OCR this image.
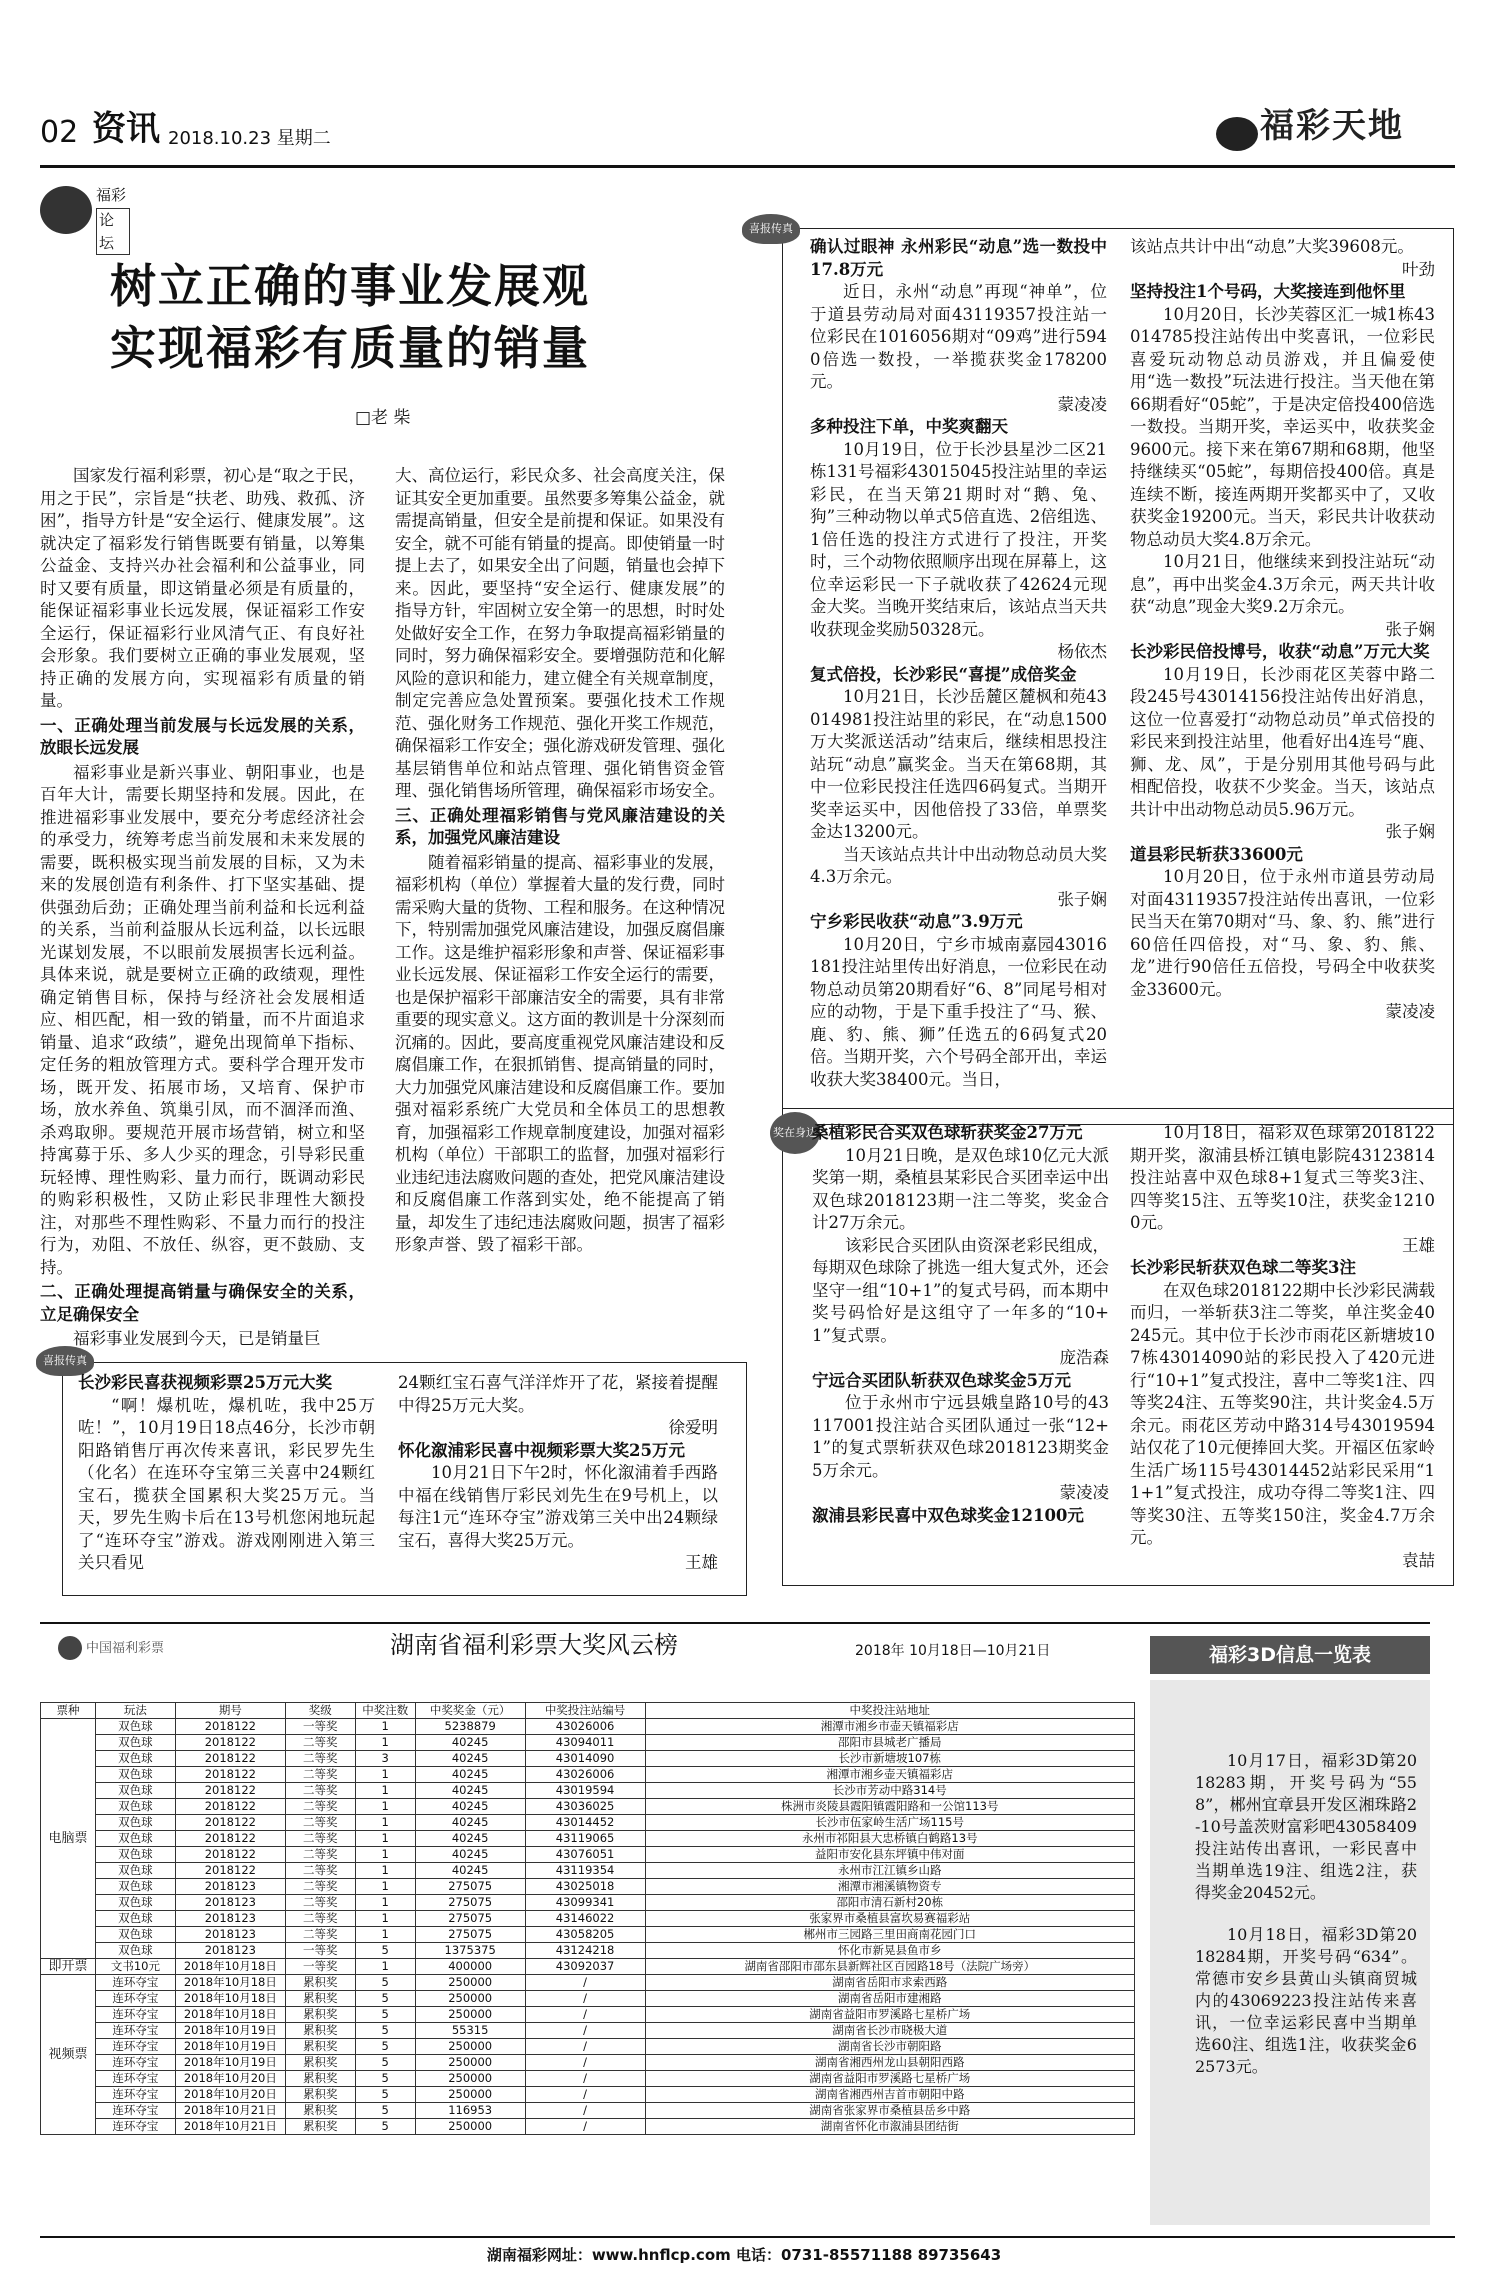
02 资讯 2018.10.23 星期二	福彩天地
福彩
论坛
树立正确的事业发展观
实现福彩有质量的销量
□老 柴

国家发行福利彩票，初心是“取之于民，用之于民”，宗旨是“扶老、助残、救孤、济困”，指导方针是“安全运行、健康发展”。这就决定了福彩发行销售既要有销量，以筹集公益金、支持兴办社会福利和公益事业，同时又要有质量，即这销量必须是有质量的，能保证福彩事业长远发展，保证福彩工作安全运行，保证福彩行业风清气正、有良好社会形象。我们要树立正确的事业发展观，坚持正确的发展方向，实现福彩有质量的销量。

一、正确处理当前发展与长远发展的关系，放眼长远发展

福彩事业是新兴事业、朝阳事业，也是百年大计，需要长期坚持和发展。因此，在推进福彩事业发展中，要充分考虑经济社会的承受力，统筹考虑当前发展和未来发展的需要，既积极实现当前发展的目标，又为未来的发展创造有利条件、打下坚实基础、提供强劲后劲；正确处理当前利益和长远利益的关系，当前利益服从长远利益，以长远眼光谋划发展，不以眼前发展损害长远利益。具体来说，就是要树立正确的政绩观，理性确定销售目标，保持与经济社会发展相适应、相匹配，相一致的销量，而不片面追求销量、追求“政绩”，避免出现简单下指标、定任务的粗放管理方式。要科学合理开发市场，既开发、拓展市场，又培育、保护市场，放水养鱼、筑巢引凤，而不涸泽而渔、杀鸡取卵。要规范开展市场营销，树立和坚持寓募于乐、多人少买的理念，引导彩民重玩轻博、理性购彩、量力而行，既调动彩民的购彩积极性，又防止彩民非理性大额投注，对那些不理性购彩、不量力而行的投注行为，劝阻、不放任、纵容，更不鼓励、支持。

二、正确处理提高销量与确保安全的关系，立足确保安全

福彩事业发展到今天，已是销量巨

大、高位运行，彩民众多、社会高度关注，保证其安全更加重要。虽然要多筹集公益金，就需提高销量，但安全是前提和保证。如果没有安全，就不可能有销量的提高。即使销量一时提上去了，如果安全出了问题，销量也会掉下来。因此，要坚持“安全运行、健康发展”的指导方针，牢固树立安全第一的思想，时时处处做好安全工作，在努力争取提高福彩销量的同时，努力确保福彩安全。要增强防范和化解风险的意识和能力，建立健全有关规章制度，制定完善应急处置预案。要强化技术工作规范、强化财务工作规范、强化开奖工作规范，确保福彩工作安全；强化游戏研发管理、强化基层销售单位和站点管理、强化销售资金管理、强化销售场所管理，确保福彩市场安全。
三、正确处理福彩销售与党风廉洁建设的关系，加强党风廉洁建设

随着福彩销量的提高、福彩事业的发展，福彩机构（单位）掌握着大量的发行费，同时需采购大量的货物、工程和服务。在这种情况下，特别需加强党风廉洁建设，加强反腐倡廉工作。这是维护福彩形象和声誉、保证福彩事业长远发展、保证福彩工作安全运行的需要，也是保护福彩干部廉洁安全的需要，具有非常重要的现实意义。这方面的教训是十分深刻而沉痛的。因此，要高度重视党风廉洁建设和反腐倡廉工作，在狠抓销售、提高销量的同时，大力加强党风廉洁建设和反腐倡廉工作。要加强对福彩系统广大党员和全体员工的思想教育，加强福彩工作规章制度建设，加强对福彩机构（单位）干部职工的监督，加强对福彩行业违纪违法腐败问题的查处，把党风廉洁建设和反腐倡廉工作落到实处，绝不能提高了销量，却发生了违纪违法腐败问题，损害了福彩形象声誉、毁了福彩干部。

喜报传真
确认过眼神 永州彩民“动息”选一数投中17.8万元

近日，永州“动息”再现“神单”，位于道县劳动局对面43119357投注站一位彩民在1016056期对“09鸡”进行5940倍选一数投，一举揽获奖金178200元。

蒙凌凌
多种投注下单，中奖爽翻天

10月19日，位于长沙县星沙二区21栋131号福彩43015045投注站里的幸运彩民，在当天第21期时对“鹅、兔、狗”三种动物以单式5倍直选、2倍组选、1倍任选的投注方式进行了投注，开奖时，三个动物依照顺序出现在屏幕上，这位幸运彩民一下子就收获了42624元现金大奖。当晚开奖结束后，该站点当天共收获现金奖励50328元。

杨依杰
复式倍投，长沙彩民“喜提”成倍奖金

10月21日，长沙岳麓区麓枫和苑43014981投注站里的彩民，在“动息1500万大奖派送活动”结束后，继续相思投注站玩“动息”赢奖金。当天在第68期，其中一位彩民投注任选四6码复式。当期开奖幸运买中，因他倍投了33倍，单票奖金达13200元。

当天该站点共计中出动物总动员大奖4.3万余元。

张子娴
宁乡彩民收获“动息”3.9万元

10月20日，宁乡市城南嘉园43016181投注站里传出好消息，一位彩民在动物总动员第20期看好“6、8”同尾号相对应的动物，于是下重手投注了“马、猴、鹿、豹、熊、狮”任选五的6码复式20倍。当期开奖，六个号码全部开出，幸运收获大奖38400元。当日，

该站点共计中出“动息”大奖39608元。
叶劲
坚持投注1个号码，大奖接连到他怀里

10月20日，长沙芙蓉区汇一城1栋43014785投注站传出中奖喜讯，一位彩民喜爱玩动物总动员游戏，并且偏爱使用“选一数投”玩法进行投注。当天他在第66期看好“05蛇”，于是决定倍投400倍选一数投。当期开奖，幸运买中，收获奖金9600元。接下来在第67期和68期，他坚持继续买“05蛇”，每期倍投400倍。真是连续不断，接连两期开奖都买中了，又收获奖金19200元。当天，彩民共计收获动物总动员大奖4.8万余元。

10月21日，他继续来到投注站玩“动息”，再中出奖金4.3万余元，两天共计收获“动息”现金大奖9.2万余元。

张子娴
长沙彩民倍投博号，收获“动息”万元大奖

10月19日，长沙雨花区芙蓉中路二段245号43014156投注站传出好消息，这位一位喜爱打“动物总动员”单式倍投的彩民来到投注站里，他看好出4连号“鹿、狮、龙、凤”，于是分别用其他号码与此相配倍投，收获不少奖金。当天，该站点共计中出动物总动员5.96万元。

张子娴
道县彩民斩获33600元

10月20日，位于永州市道县劳动局对面43119357投注站传出喜讯，一位彩民当天在第70期对“马、象、豹、熊”进行60倍任四倍投，对“马、象、豹、熊、龙”进行90倍任五倍投，号码全中收获奖金33600元。

蒙凌凌
奖在身边
桑植彩民合买双色球斩获奖金27万元

10月21日晚，是双色球10亿元大派奖第一期，桑植县某彩民合买团幸运中出双色球2018123期一注二等奖，奖金合计27万余元。

该彩民合买团队由资深老彩民组成，每期双色球除了挑选一组大复式外，还会坚守一组“10+1”的复式号码，而本期中奖号码恰好是这组守了一年多的“10+1”复式票。

庞浩森
宁远合买团队斩获双色球奖金5万元

位于永州市宁远县娥皇路10号的43117001投注站合买团队通过一张“12+1”的复式票斩获双色球2018123期奖金5万余元。

蒙凌凌
溆浦县彩民喜中双色球奖金12100元

10月18日，福彩双色球第2018122期开奖，溆浦县桥江镇电影院43123814投注站喜中双色球8+1复式三等奖3注、四等奖15注、五等奖10注，获奖金12100元。

王雄
长沙彩民斩获双色球二等奖3注

在双色球2018122期中长沙彩民满载而归，一举斩获3注二等奖，单注奖金40245元。其中位于长沙市雨花区新塘坡107栋43014090站的彩民投入了420元进行“10+1”复式投注，喜中二等奖1注、四等奖24注、五等奖90注，共计奖金4.5万余元。雨花区芳动中路314号43019594站仅花了10元便捧回大奖。开福区伍家岭生活广场115号43014452站彩民采用“11+1”复式投注，成功夺得二等奖1注、四等奖30注、五等奖150注，奖金4.7万余元。

袁喆
喜报传真
长沙彩民喜获视频彩票25万元大奖

“啊！爆机咗，爆机咗，我中25万咗！”，10月19日18点46分，长沙市朝阳路销售厅再次传来喜讯，彩民罗先生（化名）在连环夺宝第三关喜中24颗红宝石，揽获全国累积大奖25万元。当天，罗先生购卡后在13号机您闲地玩起了“连环夺宝”游戏。游戏刚刚进入第三关只看见

24颗红宝石喜气洋洋炸开了花，紧接着提醒中得25万元大奖。
徐爱明
怀化溆浦彩民喜中视频彩票大奖25万元

10月21日下午2时，怀化溆浦着手西路中福在线销售厅彩民刘先生在9号机上，以每注1元“连环夺宝”游戏第三关中出24颗绿宝石，喜得大奖25万元。

王雄
中国福利彩票	湖南省福利彩票大奖风云榜	2018年 10月18日—10月21日
票种	玩法	期号	奖级	中奖注数	中奖奖金（元）	中奖投注站编号	中奖投注站地址
电脑票	双色球	2018122	一等奖	1	5238879	43026006	湘潭市湘乡市壶天镇福彩店
	双色球	2018122	二等奖	1	40245	43094011	邵阳市县城老广播局
	双色球	2018122	二等奖	3	40245	43014090	长沙市新塘坡107栋
	双色球	2018122	二等奖	1	40245	43026006	湘潭市湘乡壶天镇福彩店
	双色球	2018122	二等奖	1	40245	43019594	长沙市芳动中路314号
	双色球	2018122	二等奖	1	40245	43036025	株洲市炎陵县霞阳镇霞阳路和一公馆113号
	双色球	2018122	二等奖	1	40245	43014452	长沙市伍家岭生活广场115号
	双色球	2018122	二等奖	1	40245	43119065	永州市祁阳县大忠桥镇白鹤路13号
	双色球	2018122	二等奖	1	40245	43076051	益阳市安化县东坪镇中伟对面
	双色球	2018122	二等奖	1	40245	43119354	永州市江江镇乡山路
	双色球	2018123	二等奖	1	275075	43025018	湘潭市湘溪镇物资专
	双色球	2018123	二等奖	1	275075	43099341	邵阳市清石新村20栋
	双色球	2018123	二等奖	1	275075	43146022	张家界市桑植县富坎易赛福彩站
	双色球	2018123	二等奖	1	275075	43058205	郴州市三园路三里田商南花园门口
	双色球	2018123	一等奖	5	1375375	43124218	怀化市新晃县鱼市乡
即开票	文书10元	2018年10月18日	一等奖	1	400000	43092037	湖南省邵阳市邵东县新辉社区百园路18号（法院广场旁）
视频票	连环夺宝	2018年10月18日	累积奖	5	250000	/	湖南省岳阳市求索西路
	连环夺宝	2018年10月18日	累积奖	5	250000	/	湖南省岳阳市建湘路
	连环夺宝	2018年10月18日	累积奖	5	250000	/	湖南省益阳市罗溪路七星桥广场
	连环夺宝	2018年10月19日	累积奖	5	55315	/	湖南省长沙市晓极大道
	连环夺宝	2018年10月19日	累积奖	5	250000	/	湖南省长沙市朝阳路
	连环夺宝	2018年10月19日	累积奖	5	250000	/	湖南省湘西州龙山县朝阳西路
	连环夺宝	2018年10月20日	累积奖	5	250000	/	湖南省益阳市罗溪路七星桥广场
	连环夺宝	2018年10月20日	累积奖	5	250000	/	湖南省湘西州吉首市朝阳中路
	连环夺宝	2018年10月21日	累积奖	5	116953	/	湖南省张家界市桑植县岳乡中路
	连环夺宝	2018年10月21日	累积奖	5	250000	/	湖南省怀化市溆浦县团结街
福彩3D信息一览表

10月17日，福彩3D第2018283期，开奖号码为“558”，郴州宜章县开发区湘珠路2-10号盖茨财富彩吧43058409投注站传出喜讯，一彩民喜中当期单选19注、组选2注，获得奖金20452元。

10月18日，福彩3D第2018284期，开奖号码“634”。常德市安乡县黄山头镇商贸城内的43069223投注站传来喜讯，一位幸运彩民喜中当期单选60注、组选1注，收获奖金62573元。

湖南福彩网址：www.hnflcp.com 电话：0731-85571188 89735643
